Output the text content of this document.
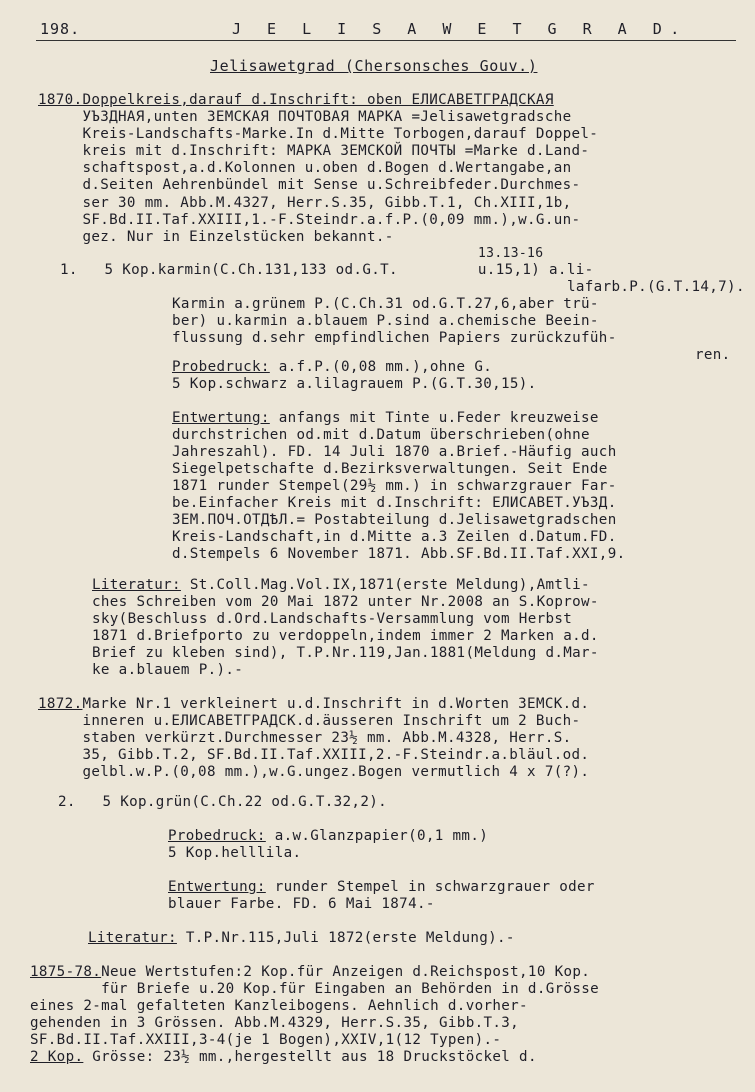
198.	J E L I S A W E T G R A D.
Jelisawetgrad (Chersonsches Gouv.)
1870.Doppelkreis,darauf d.Inschrift: oben ЕЛИСАВЕТГРАДСКАЯ
УЪЗДНАЯ,unten ЗЕМСКАЯ ПОЧТОВАЯ МАРКА =Jelisawetgradsche
Kreis-Landschafts-Marke.In d.Mitte Torbogen,darauf Doppel-
kreis mit d.Inschrift: МАРКА ЗЕМСКОЙ ПОЧТЫ =Marke d.Land-
schaftspost,a.d.Kolonnen u.oben d.Bogen d.Wertangabe,an
d.Seiten Aehrenbündel mit Sense u.Schreibfeder.Durchmes-
ser 30 mm. Abb.M.4327, Herr.S.35, Gibb.T.1, Ch.XIII,1b,
SF.Bd.II.Taf.XXIII,1.-F.Steindr.a.f.P.(0,09 mm.),w.G.un-
gez. Nur in Einzelstücken bekannt.-
13.13-16
1.   5 Kop.karmin(C.Ch.131,133 od.G.T.         u.15,1) a.li-
lafarb.P.(G.T.14,7).
Karmin a.grünem P.(C.Ch.31 od.G.T.27,6,aber trü-
ber) u.karmin a.blauem P.sind a.chemische Beein-
flussung d.sehr empfindlichen Papiers zurückzufüh-
ren.
Probedruck: a.f.P.(0,08 mm.),ohne G.
5 Kop.schwarz a.lilagrauem P.(G.T.30,15).
Entwertung: anfangs mit Tinte u.Feder kreuzweise
durchstrichen od.mit d.Datum überschrieben(ohne
Jahreszahl). FD. 14 Juli 1870 a.Brief.-Häufig auch
Siegelpetschafte d.Bezirksverwaltungen. Seit Ende
1871 runder Stempel(29½ mm.) in schwarzgrauer Far-
be.Einfacher Kreis mit d.Inschrift: ЕЛИСАВЕТ.УЪЗД.
ЗЕМ.ПОЧ.ОТДѢЛ.= Postabteilung d.Jelisawetgradschen
Kreis-Landschaft,in d.Mitte a.3 Zeilen d.Datum.FD.
d.Stempels 6 November 1871. Abb.SF.Bd.II.Taf.XXI,9.
Literatur: St.Coll.Mag.Vol.IX,1871(erste Meldung),Amtli-
ches Schreiben vom 20 Mai 1872 unter Nr.2008 an S.Koprow-
sky(Beschluss d.Ord.Landschafts-Versammlung vom Herbst
1871 d.Briefporto zu verdoppeln,indem immer 2 Marken a.d.
Brief zu kleben sind), T.P.Nr.119,Jan.1881(Meldung d.Mar-
ke a.blauem P.).-
1872.Marke Nr.1 verkleinert u.d.Inschrift in d.Worten ЗЕМСК.d.
inneren u.ЕЛИСАВЕТГРАДСК.d.äusseren Inschrift um 2 Buch-
staben verkürzt.Durchmesser 23½ mm. Abb.M.4328, Herr.S.
35, Gibb.T.2, SF.Bd.II.Taf.XXIII,2.-F.Steindr.a.bläul.od.
gelbl.w.P.(0,08 mm.),w.G.ungez.Bogen vermutlich 4 x 7(?).
2.   5 Kop.grün(C.Ch.22 od.G.T.32,2).
Probedruck: a.w.Glanzpapier(0,1 mm.)
5 Kop.helllila.
Entwertung: runder Stempel in schwarzgrauer oder
blauer Farbe. FD. 6 Mai 1874.-
Literatur: T.P.Nr.115,Juli 1872(erste Meldung).-
1875-78.Neue Wertstufen:2 Kop.für Anzeigen d.Reichspost,10 Kop.
für Briefe u.20 Kop.für Eingaben an Behörden in d.Grösse
eines 2-mal gefalteten Kanzleibogens. Aehnlich d.vorher-
gehenden in 3 Grössen. Abb.M.4329, Herr.S.35, Gibb.T.3,
SF.Bd.II.Taf.XXIII,3-4(je 1 Bogen),XXIV,1(12 Typen).-
2 Kop. Grösse: 23½ mm.,hergestellt aus 18 Druckstöckel d.
